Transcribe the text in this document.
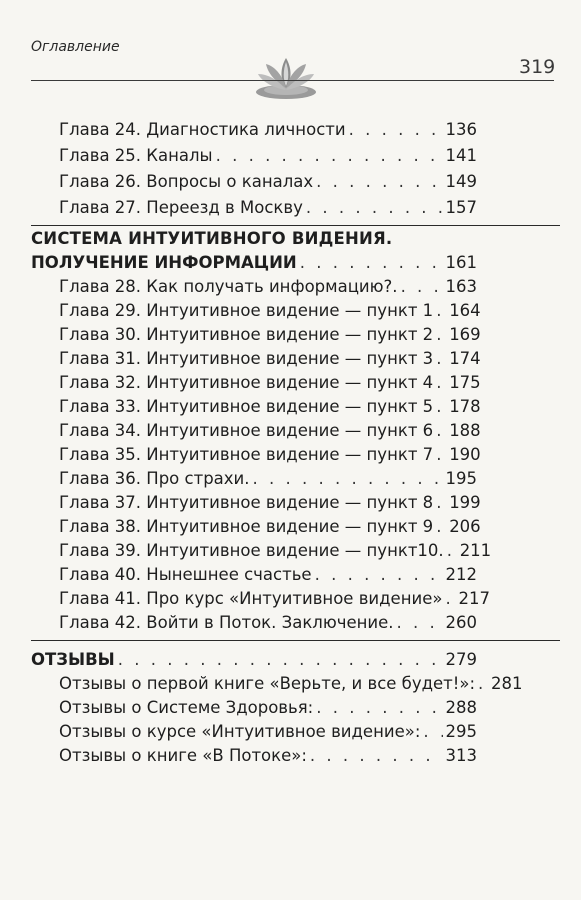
Оглавление
319
Глава 24. Диагностика личности . . .	136
Глава 25. Каналы . . .	141
Глава 26. Вопросы о каналах . . .	149
Глава 27. Переезд в Москву . . .	157
СИСТЕМА ИНТУИТИВНОГО ВИДЕНИЯ.
ПОЛУЧЕНИЕ ИНФОРМАЦИИ . . .	161
Глава 28. Как получать информацию?. . . .	163
Глава 29. Интуитивное видение — пункт 1 . . . 164
Глава 30. Интуитивное видение — пункт 2 . . . 169
Глава 31. Интуитивное видение — пункт 3 . . . 174
Глава 32. Интуитивное видение — пункт 4 . . . 175
Глава 33. Интуитивное видение — пункт 5 . . . 178
Глава 34. Интуитивное видение — пункт 6 . . . 188
Глава 35. Интуитивное видение — пункт 7 . . . 190
Глава 36. Про страхи. . . .	195
Глава 37. Интуитивное видение — пункт 8 . . . 199
Глава 38. Интуитивное видение — пункт 9 . . . 206
Глава 39. Интуитивное видение — пункт10. . . . 211
Глава 40. Нынешнее счастье . . .	212
Глава 41. Про курс «Интуитивное видение» . . . 217
Глава 42. Войти в Поток. Заключение. . . .	260
ОТЗЫВЫ . . .	279
Отзывы о первой книге «Верьте, и все будет!»: . . . 281
Отзывы о Системе Здоровья: . . .	288
Отзывы о курсе «Интуитивное видение»: . . . 295
Отзывы о книге «В Потоке»: . . .	313
